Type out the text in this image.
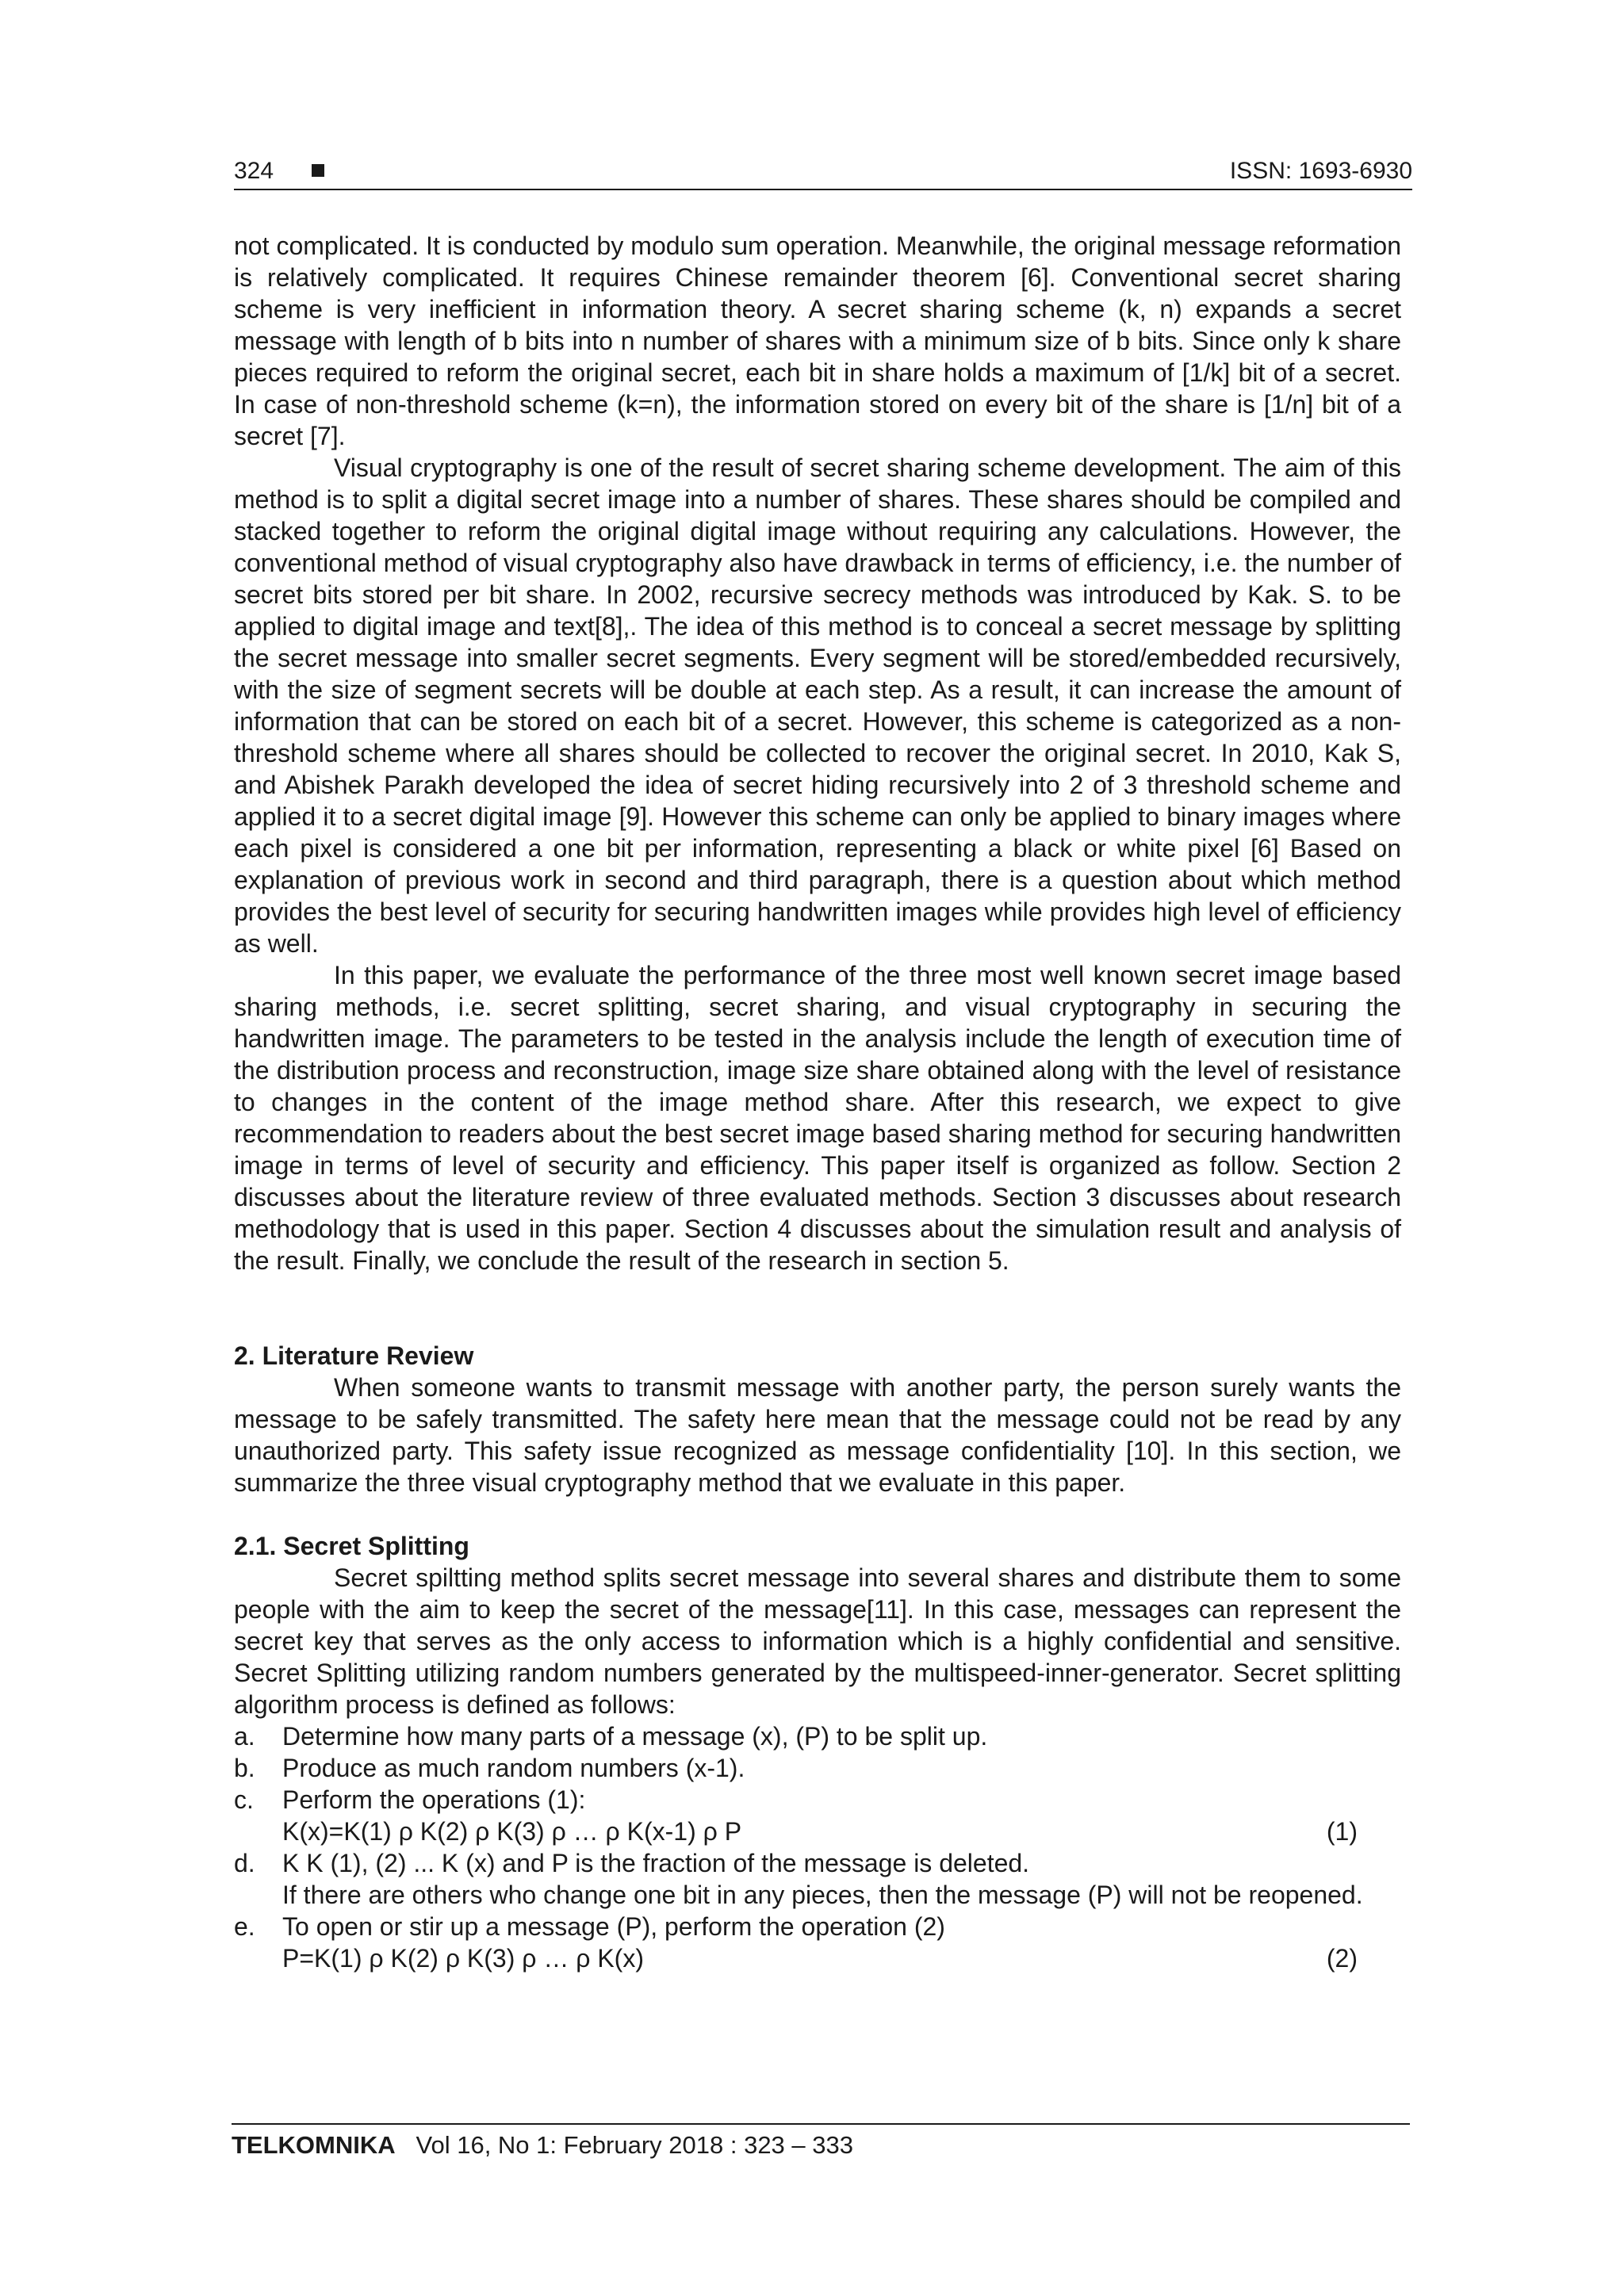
324	ISSN: 1693-6930

not complicated. It is conducted by modulo sum operation. Meanwhile, the original message reformation is relatively complicated. It requires Chinese remainder theorem [6]. Conventional secret sharing scheme is very inefficient in information theory. A secret sharing scheme (k, n) expands a secret message with length of b bits into n number of shares with a minimum size of b bits. Since only k share pieces required to reform the original secret, each bit in share holds a maximum of [1/k] bit of a secret. In case of non-threshold scheme (k=n), the information stored on every bit of the share is [1/n] bit of a secret [7].

Visual cryptography is one of the result of secret sharing scheme development. The aim of this method is to split a digital secret image into a number of shares. These shares should be compiled and stacked together to reform the original digital image without requiring any calculations. However, the conventional method of visual cryptography also have drawback in terms of efficiency, i.e. the number of secret bits stored per bit share. In 2002, recursive secrecy methods was introduced by Kak. S. to be applied to digital image and text[8],. The idea of this method is to conceal a secret message by splitting the secret message into smaller secret segments. Every segment will be stored/embedded recursively, with the size of segment secrets will be double at each step. As a result, it can increase the amount of information that can be stored on each bit of a secret. However, this scheme is categorized as a non-threshold scheme where all shares should be collected to recover the original secret. In 2010, Kak S, and Abishek Parakh developed the idea of secret hiding recursively into 2 of 3 threshold scheme and applied it to a secret digital image [9]. However this scheme can only be applied to binary images where each pixel is considered a one bit per information, representing a black or white pixel [6] Based on explanation of previous work in second and third paragraph, there is a question about which method provides the best level of security for securing handwritten images while provides high level of efficiency as well.

In this paper, we evaluate the performance of the three most well known secret image based sharing methods, i.e. secret splitting, secret sharing, and visual cryptography in securing the handwritten image. The parameters to be tested in the analysis include the length of execution time of the distribution process and reconstruction, image size share obtained along with the level of resistance to changes in the content of the image method share. After this research, we expect to give recommendation to readers about the best secret image based sharing method for securing handwritten image in terms of level of security and efficiency. This paper itself is organized as follow. Section 2 discusses about the literature review of three evaluated methods. Section 3 discusses about research methodology that is used in this paper. Section 4 discusses about the simulation result and analysis of the result. Finally, we conclude the result of the research in section 5.

2. Literature Review

When someone wants to transmit message with another party, the person surely wants the message to be safely transmitted. The safety here mean that the message could not be read by any unauthorized party. This safety issue recognized as message confidentiality [10]. In this section, we summarize the three visual cryptography method that we evaluate in this paper.

2.1. Secret Splitting

Secret spiltting method splits secret message into several shares and distribute them to some people with the aim to keep the secret of the message[11]. In this case, messages can represent the secret key that serves as the only access to information which is a highly confidential and sensitive. Secret Splitting utilizing random numbers generated by the multispeed-inner-generator. Secret splitting algorithm process is defined as follows:

a. Determine how many parts of a message (x), (P) to be split up.
b. Produce as much random numbers (x-1).
c. Perform the operations (1):
K(x)=K(1) ρ K(2) ρ K(3) ρ … ρ K(x-1) ρ P	(1)
d. K K (1), (2) ... K (x) and P is the fraction of the message is deleted.
If there are others who change one bit in any pieces, then the message (P) will not be reopened.
e. To open or stir up a message (P), perform the operation (2)
P=K(1) ρ K(2) ρ K(3) ρ … ρ K(x)	(2)
TELKOMNIKA Vol 16, No 1: February 2018 : 323 – 333
